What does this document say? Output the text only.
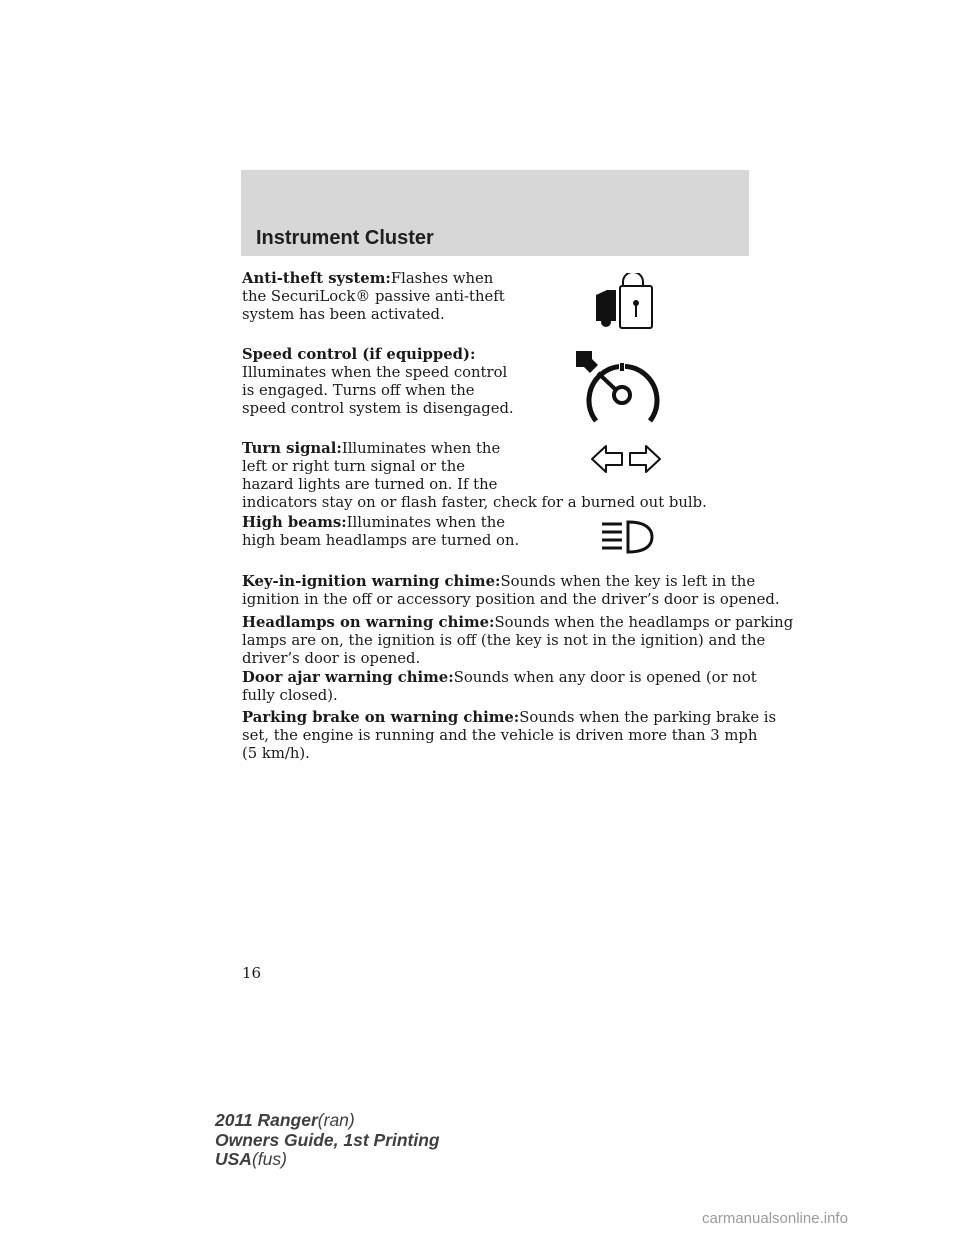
Instrument Cluster

Anti-theft system:Flashes when
the SecuriLock® passive anti-theft
system has been activated.

Speed control (if equipped):
Illuminates when the speed control
is engaged. Turns off when the
speed control system is disengaged.

Turn signal:Illuminates when the
left or right turn signal or the
hazard lights are turned on. If the
indicators stay on or flash faster, check for a burned out bulb.

High beams:Illuminates when the
high beam headlamps are turned on.

Key-in-ignition warning chime:Sounds when the key is left in the
ignition in the off or accessory position and the driver’s door is opened.

Headlamps on warning chime:Sounds when the headlamps or parking
lamps are on, the ignition is off (the key is not in the ignition) and the
driver’s door is opened.

Door ajar warning chime:Sounds when any door is opened (or not
fully closed).

Parking brake on warning chime:Sounds when the parking brake is
set, the engine is running and the vehicle is driven more than 3 mph
(5 km/h).

16
2011 Ranger(ran)
Owners Guide, 1st Printing
USA(fus)
carmanualsonline.info
